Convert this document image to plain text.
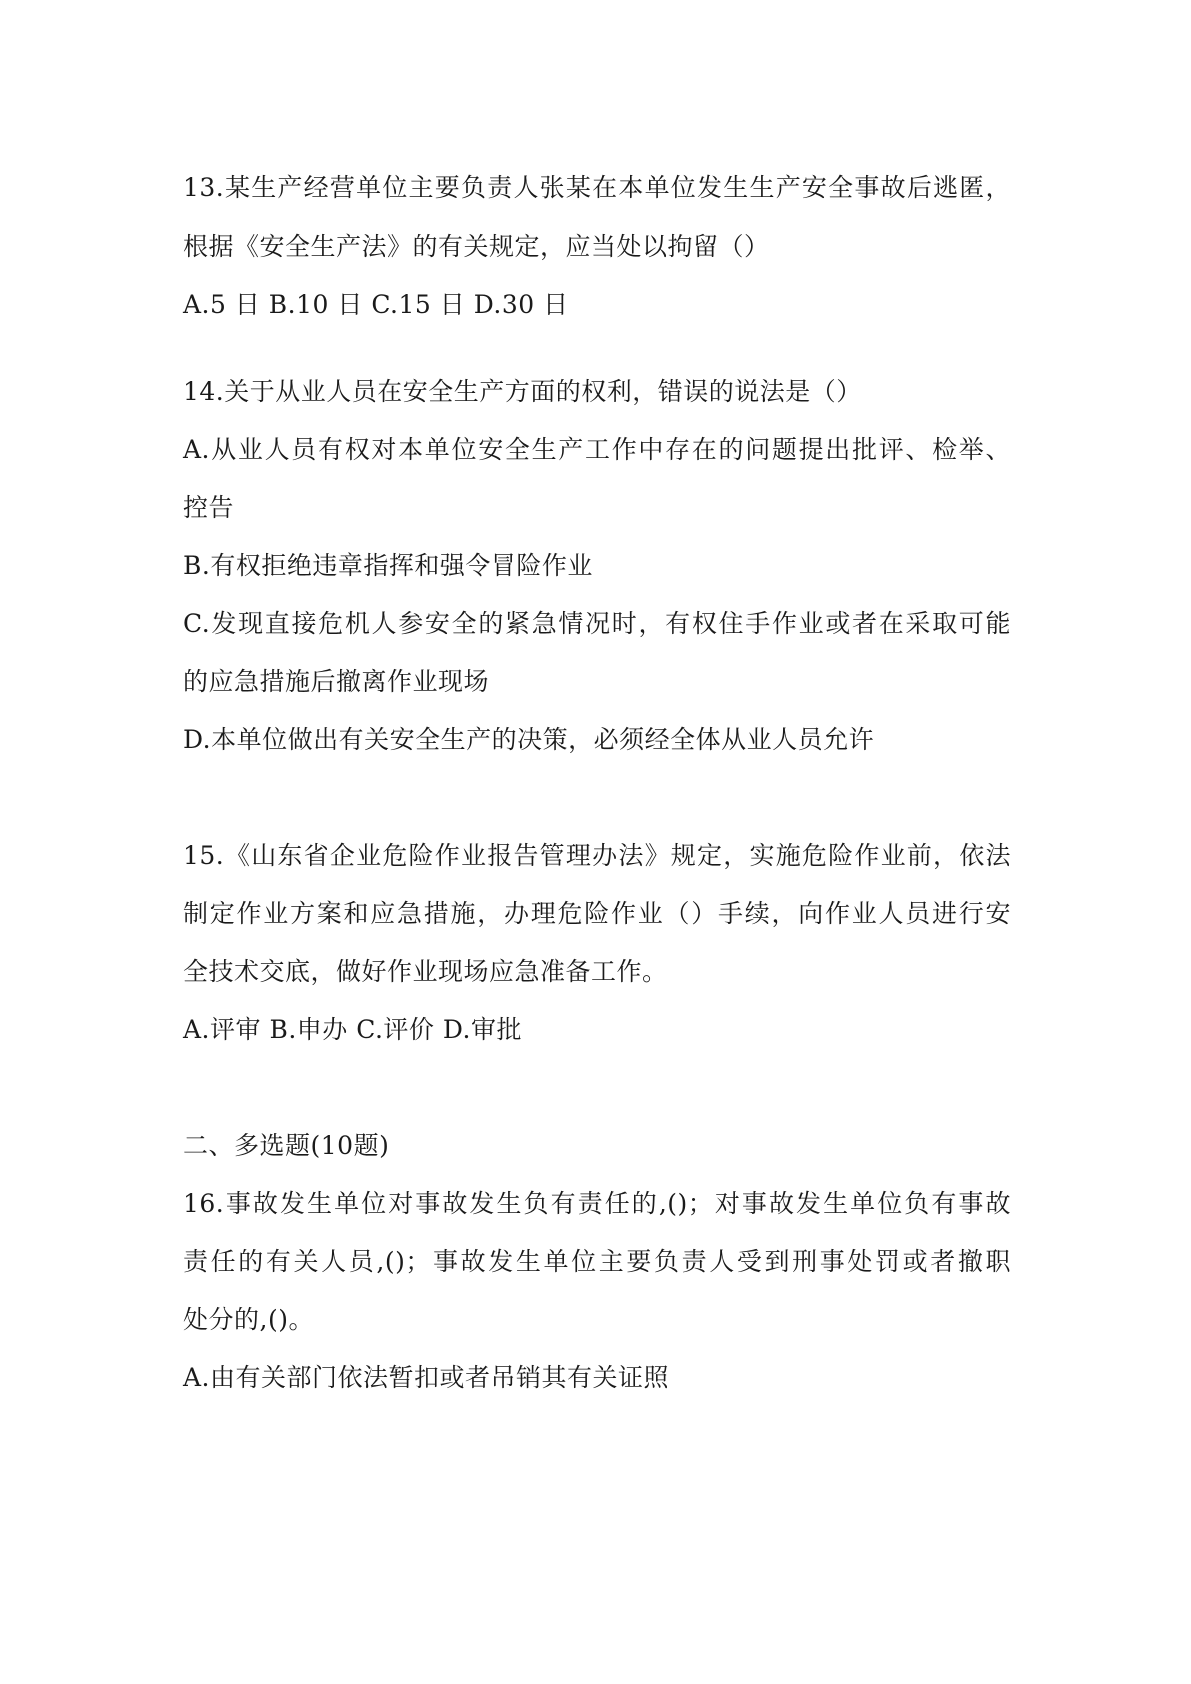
13.某生产经营单位主要负责人张某在本单位发生生产安全事故后逃匿，
根据《安全生产法》的有关规定，应当处以拘留（）
A.5 日 B.10 日 C.15 日 D.30 日
14.关于从业人员在安全生产方面的权利，错误的说法是（）
A.从业人员有权对本单位安全生产工作中存在的问题提出批评、检举、
控告
B.有权拒绝违章指挥和强令冒险作业
C.发现直接危机人参安全的紧急情况时，有权住手作业或者在采取可能
的应急措施后撤离作业现场
D.本单位做出有关安全生产的决策，必须经全体从业人员允许
15.《山东省企业危险作业报告管理办法》规定，实施危险作业前，依法
制定作业方案和应急措施，办理危险作业（）手续，向作业人员进行安
全技术交底，做好作业现场应急准备工作。
A.评审 B.申办 C.评价 D.审批
二、多选题(10题)
16.事故发生单位对事故发生负有责任的,()；对事故发生单位负有事故
责任的有关人员,()；事故发生单位主要负责人受到刑事处罚或者撤职
处分的,()。
A.由有关部门依法暂扣或者吊销其有关证照
